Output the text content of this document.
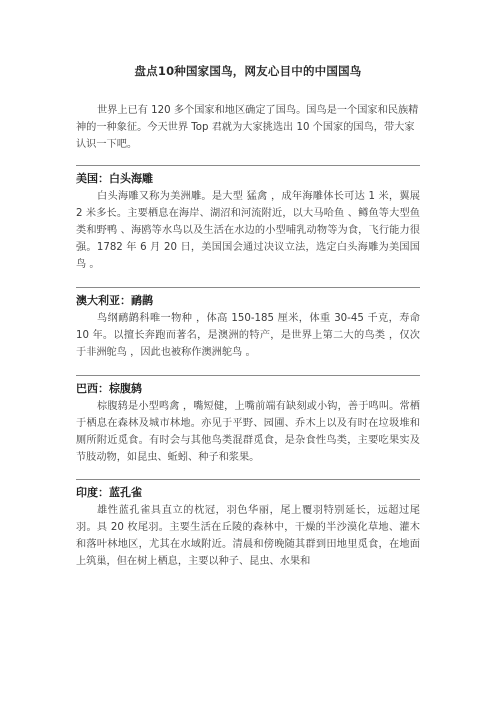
盘点10种国家国鸟，网友心目中的中国国鸟

世界上已有 120 多个国家和地区确定了国鸟。国鸟是一个国家和民族精神的一种象征。今天世界 Top 君就为大家挑选出 10 个国家的国鸟，带大家认识一下吧。

美国：白头海雕

白头海雕又称为美洲雕。是大型 猛禽 ，成年海雕体长可达 1 米，翼展 2 米多长。主要栖息在海岸、湖沼和河流附近，以大马哈鱼 、鳟鱼等大型鱼类和野鸭 、海鸥等水鸟以及生活在水边的小型哺乳动物等为食，飞行能力很强。1782 年 6 月 20 日，美国国会通过决议立法，选定白头海雕为美国国鸟 。

澳大利亚：鸸鹋

鸟纲鸸鹋科唯一物种 ，体高 150-185 厘米，体重 30-45 千克，寿命 10 年。以擅长奔跑而著名，是澳洲的特产，是世界上第二大的鸟类 ，仅次于非洲鸵鸟 ，因此也被称作澳洲鸵鸟 。

巴西：棕腹鸫

棕腹鸫是小型鸣禽 ，嘴短健，上嘴前端有缺刻或小钩，善于鸣叫。常栖于栖息在森林及城市林地。亦见于平野、园圃、乔木上以及有时在垃圾堆和厕所附近觅食。有时会与其他鸟类混群觅食，是杂食性鸟类，主要吃果实及节肢动物，如昆虫、蚯蚓、种子和浆果。

印度：蓝孔雀

雄性蓝孔雀具直立的枕冠，羽色华丽，尾上覆羽特别延长，远超过尾羽。具 20 枚尾羽。主要生活在丘陵的森林中，干燥的半沙漠化草地、灌木和落叶林地区，尤其在水域附近。清晨和傍晚随其群到田地里觅食，在地面上筑巢，但在树上栖息，主要以种子、昆虫、水果和
